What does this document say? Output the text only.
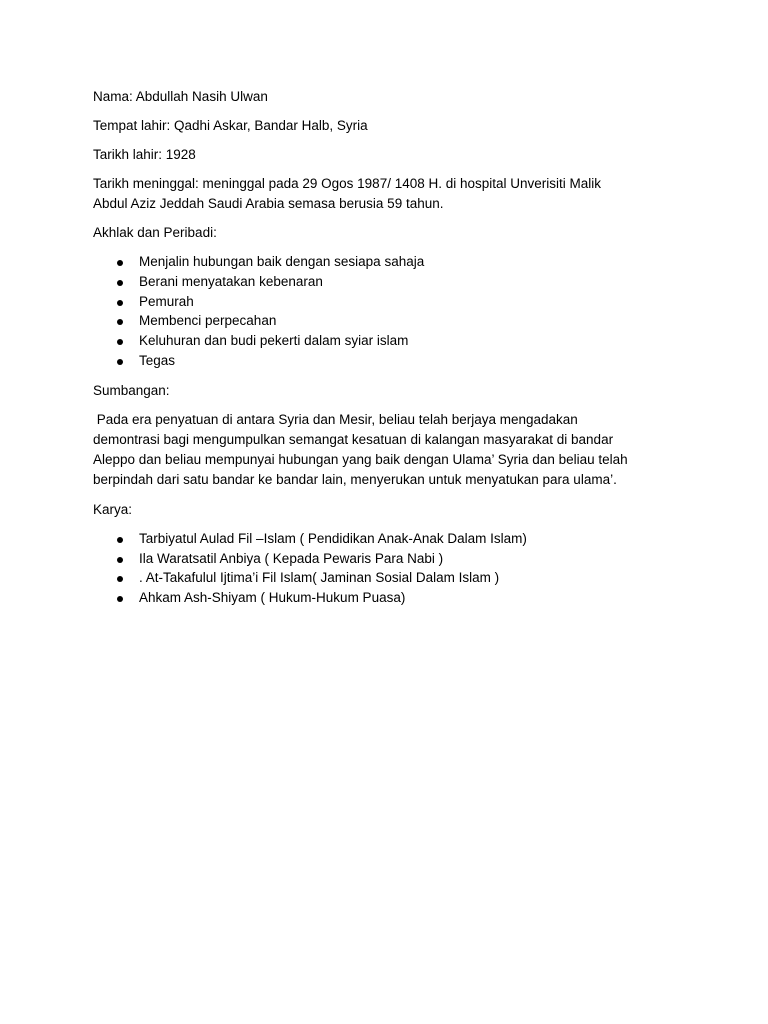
Nama: Abdullah Nasih Ulwan

Tempat lahir: Qadhi Askar, Bandar Halb, Syria

Tarikh lahir: 1928

Tarikh meninggal: meninggal pada 29 Ogos 1987/ 1408 H. di hospital Unverisiti Malik

Abdul Aziz Jeddah Saudi Arabia semasa berusia 59 tahun.

Akhlak dan Peribadi:

Menjalin hubungan baik dengan sesiapa sahaja
Berani menyatakan kebenaran
Pemurah
Membenci perpecahan
Keluhuran dan budi pekerti dalam syiar islam
Tegas

Sumbangan:

Pada era penyatuan di antara Syria dan Mesir, beliau telah berjaya mengadakan

demontrasi bagi mengumpulkan semangat kesatuan di kalangan masyarakat di bandar

Aleppo dan beliau mempunyai hubungan yang baik dengan Ulama’ Syria dan beliau telah

berpindah dari satu bandar ke bandar lain, menyerukan untuk menyatukan para ulama’.

Karya:

Tarbiyatul Aulad Fil –Islam ( Pendidikan Anak-Anak Dalam Islam)
Ila Waratsatil Anbiya ( Kepada Pewaris Para Nabi )
. At-Takafulul Ijtima’i Fil Islam( Jaminan Sosial Dalam Islam )
Ahkam Ash-Shiyam ( Hukum-Hukum Puasa)
